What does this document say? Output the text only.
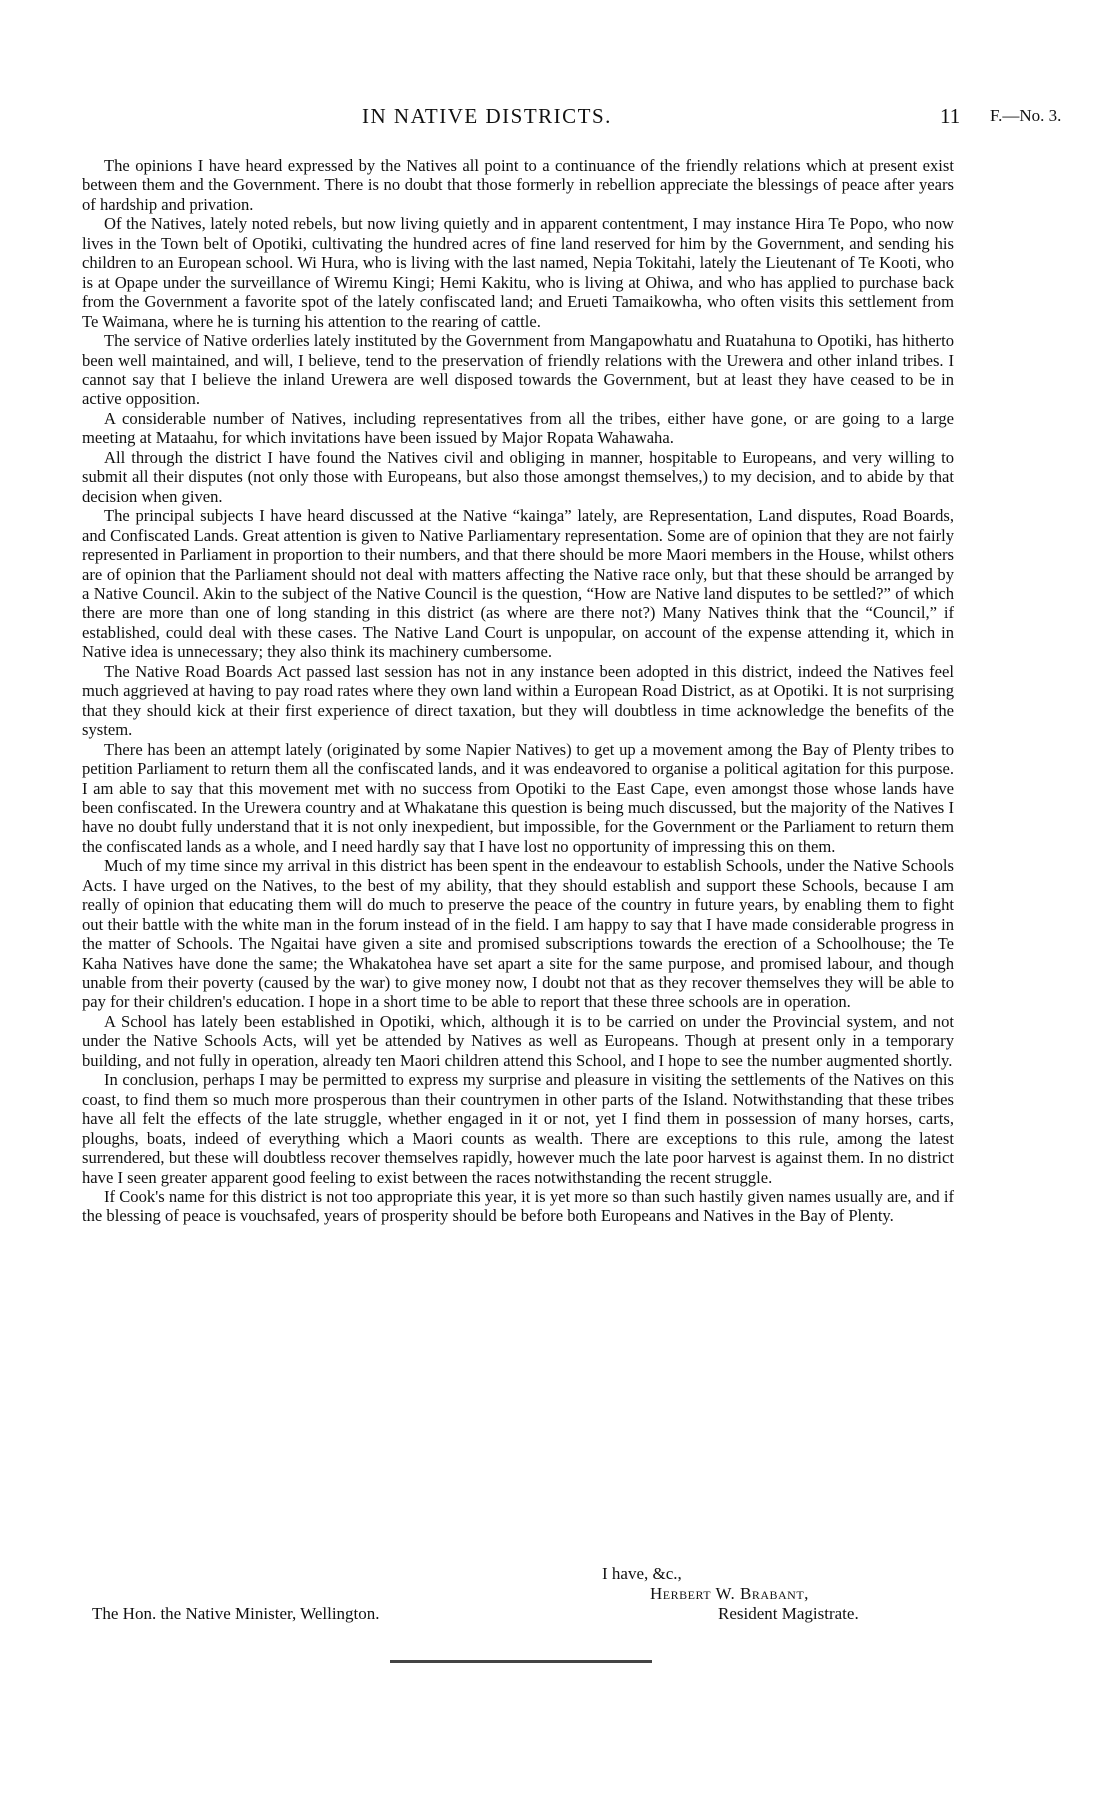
IN NATIVE DISTRICTS.	11 F.—No. 3.

The opinions I have heard expressed by the Natives all point to a continuance of the friendly relations which at present exist between them and the Government. There is no doubt that those formerly in rebellion appreciate the blessings of peace after years of hardship and privation.

Of the Natives, lately noted rebels, but now living quietly and in apparent contentment, I may instance Hira Te Popo, who now lives in the Town belt of Opotiki, cultivating the hundred acres of fine land reserved for him by the Government, and sending his children to an European school. Wi Hura, who is living with the last named, Nepia Tokitahi, lately the Lieutenant of Te Kooti, who is at Opape under the surveillance of Wiremu Kingi; Hemi Kakitu, who is living at Ohiwa, and who has applied to purchase back from the Government a favorite spot of the lately confiscated land; and Erueti Tamaikowha, who often visits this settlement from Te Waimana, where he is turning his attention to the rearing of cattle.

The service of Native orderlies lately instituted by the Government from Mangapowhatu and Ruatahuna to Opotiki, has hitherto been well maintained, and will, I believe, tend to the preservation of friendly relations with the Urewera and other inland tribes. I cannot say that I believe the inland Urewera are well disposed towards the Government, but at least they have ceased to be in active opposition.

A considerable number of Natives, including representatives from all the tribes, either have gone, or are going to a large meeting at Mataahu, for which invitations have been issued by Major Ropata Wahawaha.

All through the district I have found the Natives civil and obliging in manner, hospitable to Europeans, and very willing to submit all their disputes (not only those with Europeans, but also those amongst themselves,) to my decision, and to abide by that decision when given.

The principal subjects I have heard discussed at the Native “kainga” lately, are Representation, Land disputes, Road Boards, and Confiscated Lands. Great attention is given to Native Parliamentary representation. Some are of opinion that they are not fairly represented in Parliament in proportion to their numbers, and that there should be more Maori members in the House, whilst others are of opinion that the Parliament should not deal with matters affecting the Native race only, but that these should be arranged by a Native Council. Akin to the subject of the Native Council is the question, “How are Native land disputes to be settled?” of which there are more than one of long standing in this district (as where are there not?) Many Natives think that the “Council,” if established, could deal with these cases. The Native Land Court is unpopular, on account of the expense attending it, which in Native idea is unnecessary; they also think its machinery cumbersome.

The Native Road Boards Act passed last session has not in any instance been adopted in this district, indeed the Natives feel much aggrieved at having to pay road rates where they own land within a European Road District, as at Opotiki. It is not surprising that they should kick at their first experience of direct taxation, but they will doubtless in time acknowledge the benefits of the system.

There has been an attempt lately (originated by some Napier Natives) to get up a movement among the Bay of Plenty tribes to petition Parliament to return them all the confiscated lands, and it was endeavored to organise a political agitation for this purpose. I am able to say that this movement met with no success from Opotiki to the East Cape, even amongst those whose lands have been confiscated. In the Urewera country and at Whakatane this question is being much discussed, but the majority of the Natives I have no doubt fully understand that it is not only inexpedient, but impossible, for the Government or the Parliament to return them the confiscated lands as a whole, and I need hardly say that I have lost no opportunity of impressing this on them.

Much of my time since my arrival in this district has been spent in the endeavour to establish Schools, under the Native Schools Acts. I have urged on the Natives, to the best of my ability, that they should establish and support these Schools, because I am really of opinion that educating them will do much to preserve the peace of the country in future years, by enabling them to fight out their battle with the white man in the forum instead of in the field. I am happy to say that I have made considerable progress in the matter of Schools. The Ngaitai have given a site and promised subscriptions towards the erection of a Schoolhouse; the Te Kaha Natives have done the same; the Whakatohea have set apart a site for the same purpose, and promised labour, and though unable from their poverty (caused by the war) to give money now, I doubt not that as they recover themselves they will be able to pay for their children's education. I hope in a short time to be able to report that these three schools are in operation.

A School has lately been established in Opotiki, which, although it is to be carried on under the Provincial system, and not under the Native Schools Acts, will yet be attended by Natives as well as Europeans. Though at present only in a temporary building, and not fully in operation, already ten Maori children attend this School, and I hope to see the number augmented shortly.

In conclusion, perhaps I may be permitted to express my surprise and pleasure in visiting the settlements of the Natives on this coast, to find them so much more prosperous than their countrymen in other parts of the Island. Notwithstanding that these tribes have all felt the effects of the late struggle, whether engaged in it or not, yet I find them in possession of many horses, carts, ploughs, boats, indeed of everything which a Maori counts as wealth. There are exceptions to this rule, among the latest surrendered, but these will doubtless recover themselves rapidly, however much the late poor harvest is against them. In no district have I seen greater apparent good feeling to exist between the races notwithstanding the recent struggle.

If Cook's name for this district is not too appropriate this year, it is yet more so than such hastily given names usually are, and if the blessing of peace is vouchsafed, years of prosperity should be before both Europeans and Natives in the Bay of Plenty.

I have, &c.,
Herbert W. Brabant,
The Hon. the Native Minister, Wellington.	Resident Magistrate.
